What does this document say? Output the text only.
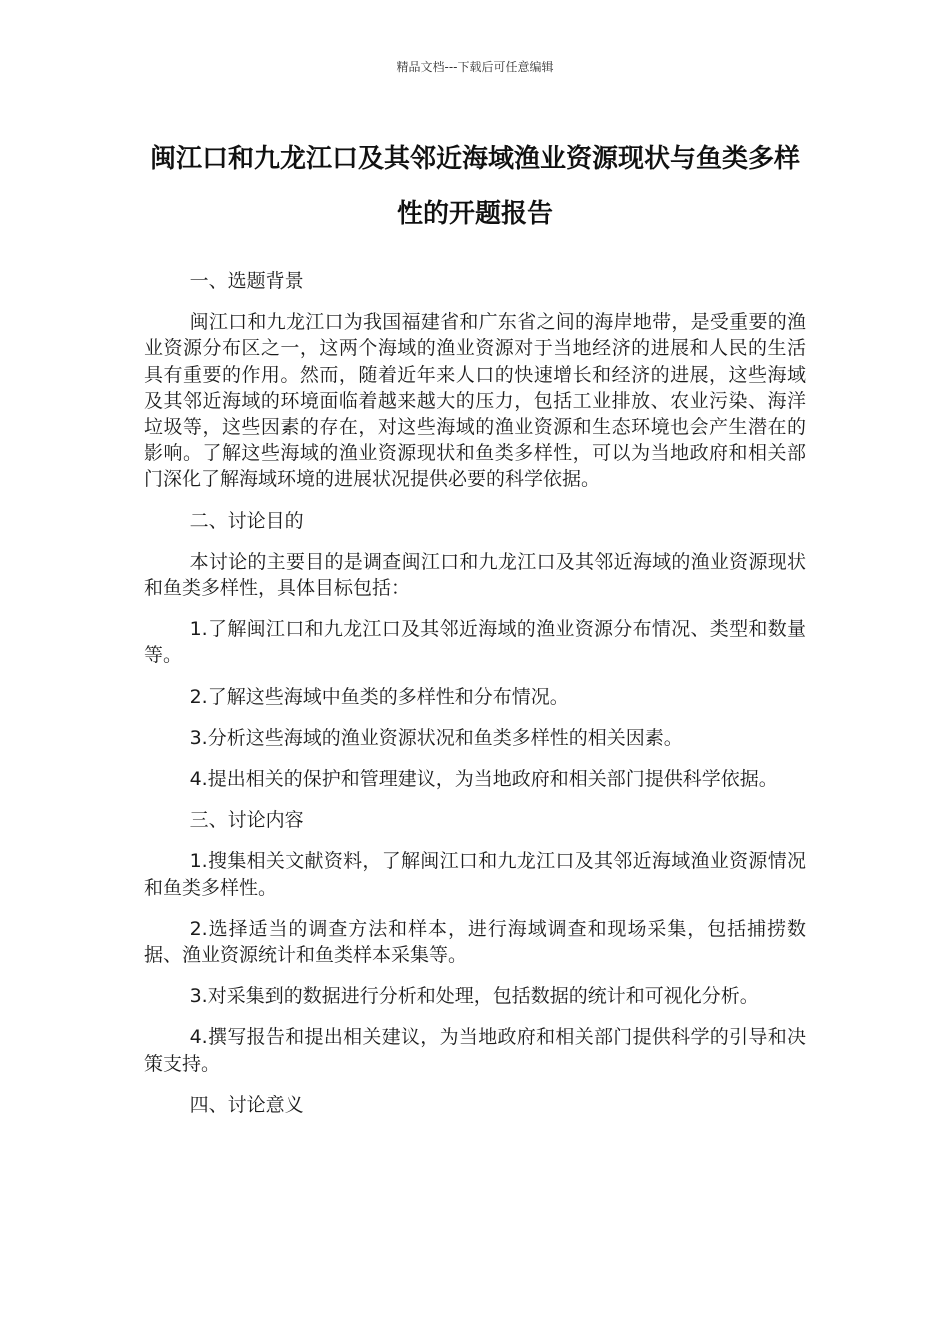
精品文档---下载后可任意编辑
闽江口和九龙江口及其邻近海域渔业资源现状与鱼类多样性的开题报告

一、选题背景

闽江口和九龙江口为我国福建省和广东省之间的海岸地带，是受重要的渔业资源分布区之一，这两个海域的渔业资源对于当地经济的进展和人民的生活具有重要的作用。然而，随着近年来人口的快速增长和经济的进展，这些海域及其邻近海域的环境面临着越来越大的压力，包括工业排放、农业污染、海洋垃圾等，这些因素的存在，对这些海域的渔业资源和生态环境也会产生潜在的影响。了解这些海域的渔业资源现状和鱼类多样性，可以为当地政府和相关部门深化了解海域环境的进展状况提供必要的科学依据。

二、讨论目的

本讨论的主要目的是调查闽江口和九龙江口及其邻近海域的渔业资源现状和鱼类多样性，具体目标包括：

1.了解闽江口和九龙江口及其邻近海域的渔业资源分布情况、类型和数量等。

2.了解这些海域中鱼类的多样性和分布情况。

3.分析这些海域的渔业资源状况和鱼类多样性的相关因素。

4.提出相关的保护和管理建议，为当地政府和相关部门提供科学依据。

三、讨论内容

1.搜集相关文献资料，了解闽江口和九龙江口及其邻近海域渔业资源情况和鱼类多样性。

2.选择适当的调查方法和样本，进行海域调查和现场采集，包括捕捞数据、渔业资源统计和鱼类样本采集等。

3.对采集到的数据进行分析和处理，包括数据的统计和可视化分析。

4.撰写报告和提出相关建议，为当地政府和相关部门提供科学的引导和决策支持。

四、讨论意义
